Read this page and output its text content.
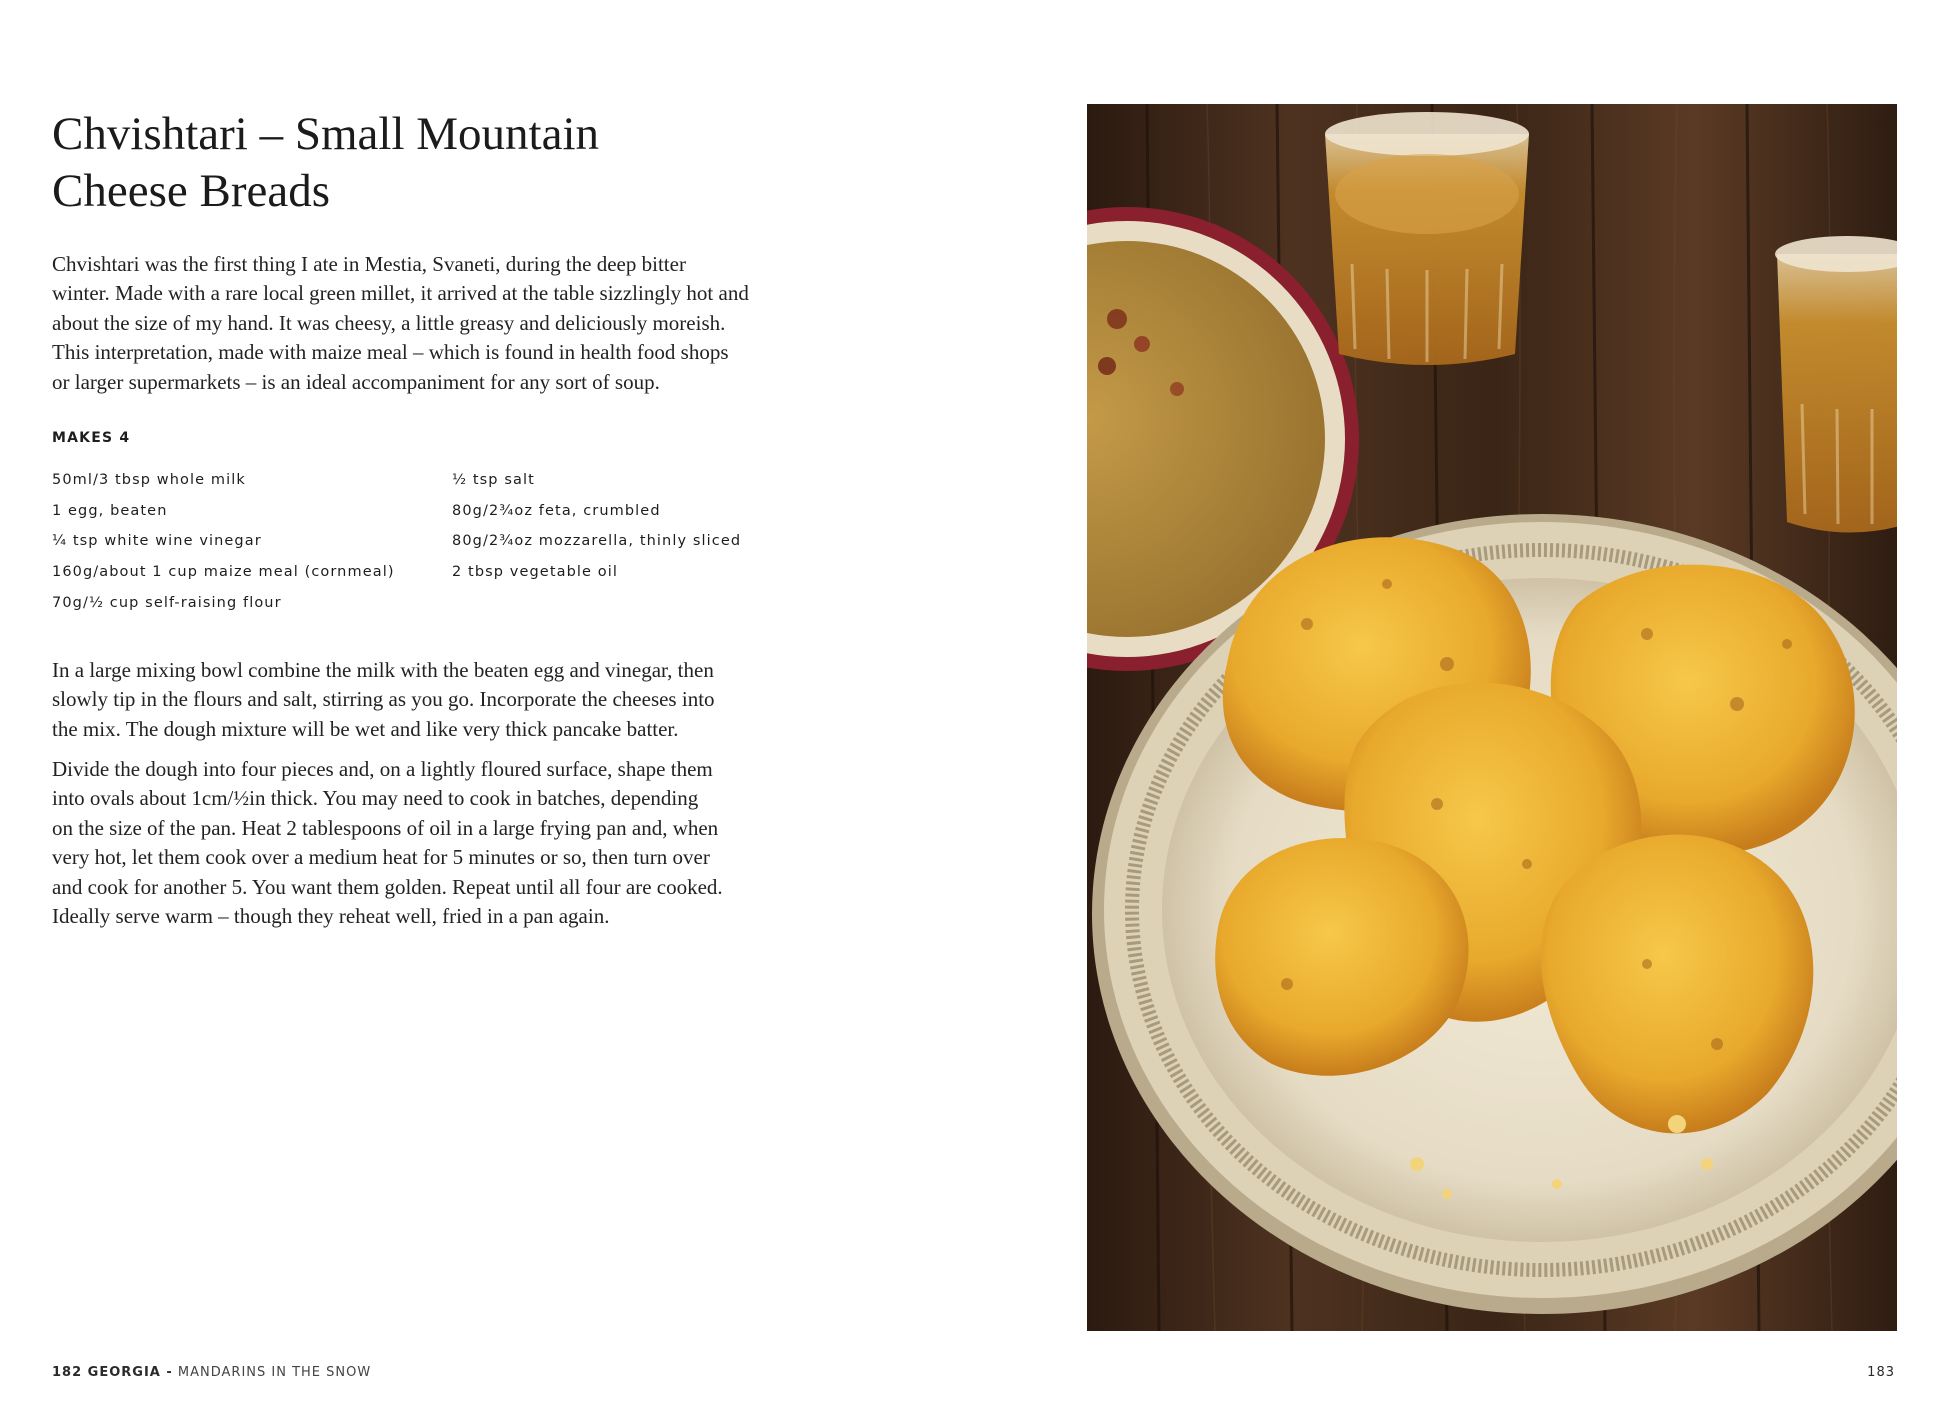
Chvishtari – Small Mountain
Cheese Breads

Chvishtari was the first thing I ate in Mestia, Svaneti, during the deep bitter
winter. Made with a rare local green millet, it arrived at the table sizzlingly hot and
about the size of my hand. It was cheesy, a little greasy and deliciously moreish.
This interpretation, made with maize meal – which is found in health food shops
or larger supermarkets – is an ideal accompaniment for any sort of soup.

MAKES 4

50ml/3 tbsp whole milk
1 egg, beaten
¼ tsp white wine vinegar
160g/about 1 cup maize meal (cornmeal)
70g/½ cup self-raising flour
½ tsp salt
80g/2¾oz feta, crumbled
80g/2¾oz mozzarella, thinly sliced
2 tbsp vegetable oil

In a large mixing bowl combine the milk with the beaten egg and vinegar, then
slowly tip in the flours and salt, stirring as you go. Incorporate the cheeses into
the mix. The dough mixture will be wet and like very thick pancake batter.

Divide the dough into four pieces and, on a lightly floured surface, shape them
into ovals about 1cm/½in thick. You may need to cook in batches, depending
on the size of the pan. Heat 2 tablespoons of oil in a large frying pan and, when
very hot, let them cook over a medium heat for 5 minutes or so, then turn over
and cook for another 5. You want them golden. Repeat until all four are cooked.
Ideally serve warm – though they reheat well, fried in a pan again.

182 GEORGIA - MANDARINS IN THE SNOW	183
